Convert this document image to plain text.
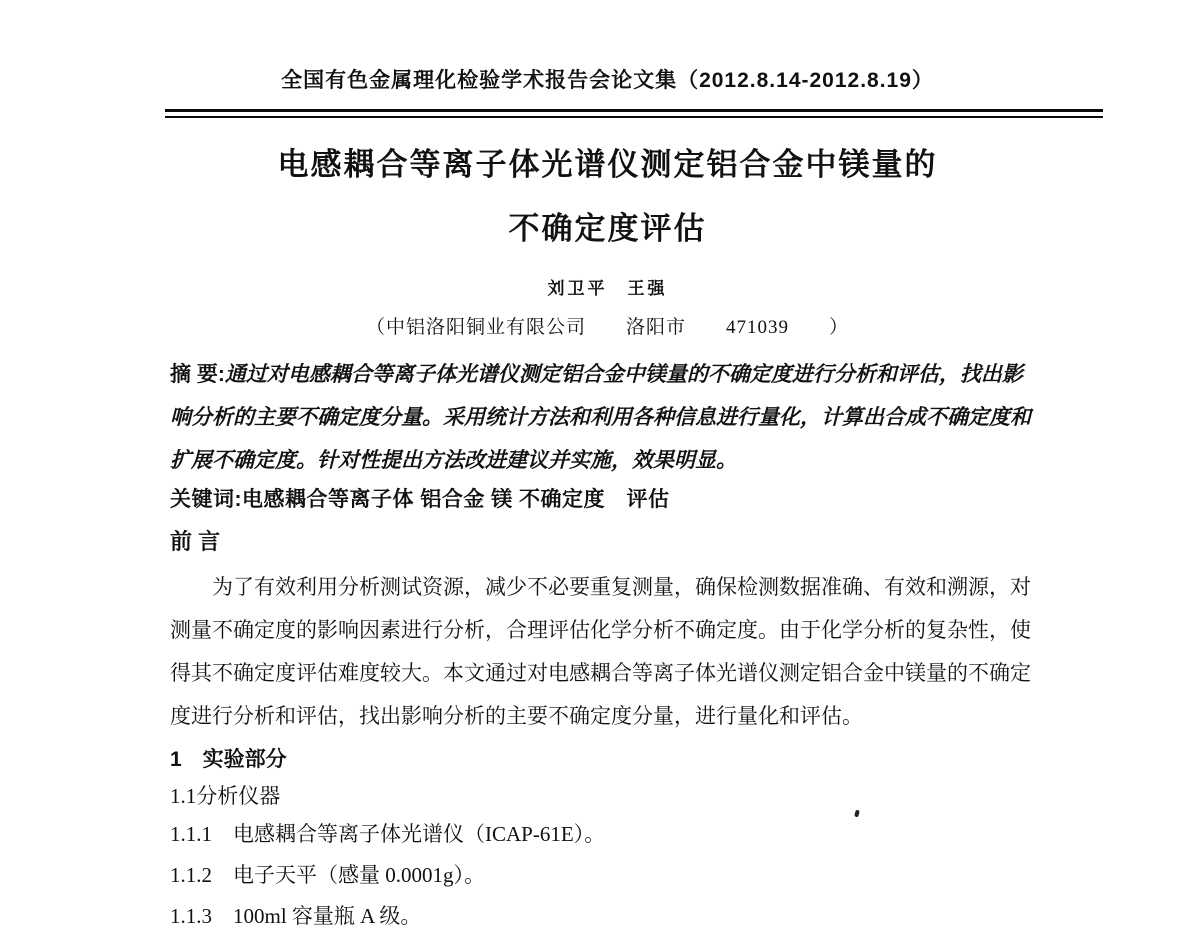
全国有色金属理化检验学术报告会论文集（2012.8.14-2012.8.19）
电感耦合等离子体光谱仪测定铝合金中镁量的
不确定度评估
刘卫平　王强
（中铝洛阳铜业有限公司　　洛阳市　　471039　　）
摘 要:通过对电感耦合等离子体光谱仪测定铝合金中镁量的不确定度进行分析和评估，找出影
响分析的主要不确定度分量。采用统计方法和利用各种信息进行量化，计算出合成不确定度和
扩展不确定度。针对性提出方法改进建议并实施，效果明显。
关键词:电感耦合等离子体 铝合金 镁 不确定度　评估
前 言
为了有效利用分析测试资源，减少不必要重复测量，确保检测数据准确、有效和溯源，对
测量不确定度的影响因素进行分析，合理评估化学分析不确定度。由于化学分析的复杂性，使
得其不确定度评估难度较大。本文通过对电感耦合等离子体光谱仪测定铝合金中镁量的不确定
度进行分析和评估，找出影响分析的主要不确定度分量，进行量化和评估。
1　实验部分
1.1分析仪器
1.1.1　电感耦合等离子体光谱仪（ICAP-61E）。
1.1.2　电子天平（感量 0.0001g）。
1.1.3　100ml 容量瓶 A 级。
